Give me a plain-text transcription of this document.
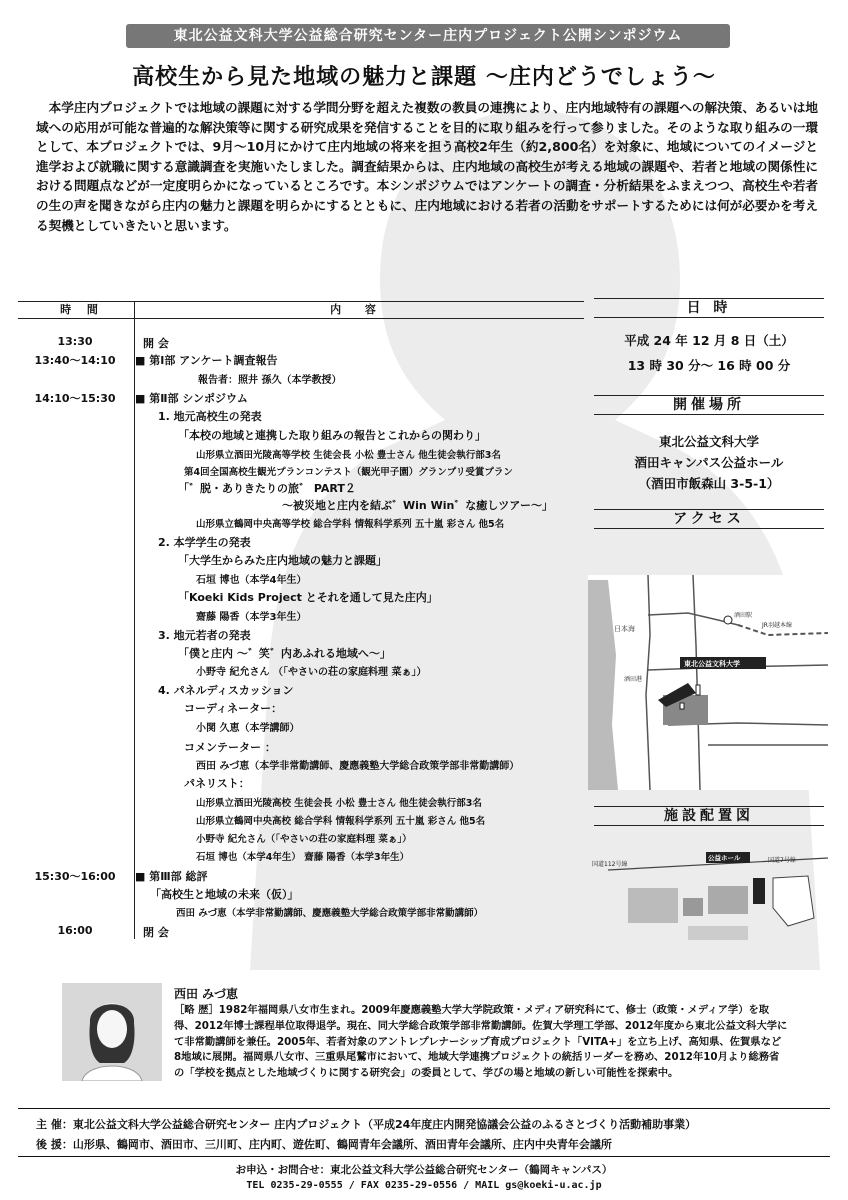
東北公益文科大学公益総合研究センター庄内プロジェクト公開シンポジウム
高校生から見た地域の魅力と課題 ～庄内どうでしょう～
本学庄内プロジェクトでは地域の課題に対する学問分野を超えた複数の教員の連携により、庄内地域特有の課題への解決策、あるいは地域への応用が可能な普遍的な解決策等に関する研究成果を発信することを目的に取り組みを行って参りました。そのような取り組みの一環として、本プロジェクトでは、9月～10月にかけて庄内地域の将来を担う高校2年生（約2,800名）を対象に、地域についてのイメージと進学および就職に関する意識調査を実施いたしました。調査結果からは、庄内地域の高校生が考える地域の課題や、若者と地域の関係性における問題点などが一定度明らかになっているところです。本シンポジウムではアンケートの調査・分析結果をふまえつつ、高校生や若者の生の声を聞きながら庄内の魅力と課題を明らかにするとともに、庄内地域における若者の活動をサポートするためには何が必要かを考える契機としていきたいと思います。
時 間	内 容
13:30	開 会
13:40～14:10	■ 第Ⅰ部 アンケート調査報告
報告者：照井 孫久（本学教授）
14:10～15:30	■ 第Ⅱ部 シンポジウム
1. 地元高校生の発表
「本校の地域と連携した取り組みの報告とこれからの関わり」
山形県立酒田光陵高等学校 生徒会長 小松 豊士さん 他生徒会執行部3名
第4回全国高校生観光プランコンテスト（観光甲子園）グランプリ受賞プラン
「゛脱・ありきたりの旅゛ PART２
～被災地と庄内を結ぶ゛Win Win゛な癒しツアー～」
山形県立鶴岡中央高等学校 総合学科 情報科学系列 五十嵐 彩さん 他5名
2. 本学学生の発表
「大学生からみた庄内地域の魅力と課題」
石垣 博也（本学4年生）
「Koeki Kids Project とそれを通して見た庄内」
齋藤 陽香（本学3年生）
3. 地元若者の発表
「僕と庄内 ～゛笑゛内あふれる地域へ～」
小野寺 紀允さん （「やさいの荘の家庭料理 菜ぁ」）
4. パネルディスカッション
コーディネーター：
小関 久恵（本学講師）
コメンテーター ：
西田 みづ恵（本学非常勤講師、慶應義塾大学総合政策学部非常勤講師）
パネリスト：
山形県立酒田光陵高校 生徒会長 小松 豊士さん 他生徒会執行部3名
山形県立鶴岡中央高校 総合学科 情報科学系列 五十嵐 彩さん 他5名
小野寺 紀允さん（「やさいの荘の家庭料理 菜ぁ」）
石垣 博也（本学4年生） 齋藤 陽香（本学3年生）
15:30～16:00	■ 第Ⅲ部 総評
「高校生と地域の未来（仮）」
西田 みづ恵（本学非常勤講師、慶應義塾大学総合政策学部非常勤講師）
16:00	閉 会
日 時
平成 24 年 12 月 8 日（土）
13 時 30 分～ 16 時 00 分
開催場所
東北公益文科大学
酒田キャンパス公益ホール
（酒田市飯森山 3-5-1）
アクセス
日本海	JR羽越本線
酒田駅
酒田港
東北公益文科大学
施設配置図
国道112号線
国道7号線
公益ホール
西田 みづ恵
［略 歴］1982年福岡県八女市生まれ。2009年慶應義塾大学大学院政策・メディア研究科にて、修士（政策・メディア学）を取得、2012年博士課程単位取得退学。現在、同大学総合政策学部非常勤講師。佐賀大学理工学部、2012年度から東北公益文科大学にて非常勤講師を兼任。2005年、若者対象のアントレプレナーシップ育成プロジェクト「VITA+」を立ち上げ、高知県、佐賀県など8地域に展開。福岡県八女市、三重県尾鷲市において、地域大学連携プロジェクトの統括リーダーを務め、2012年10月より総務省の「学校を拠点とした地域づくりに関する研究会」の委員として、学びの場と地域の新しい可能性を探索中。
主 催：東北公益文科大学公益総合研究センター 庄内プロジェクト（平成24年度庄内開発協議会公益のふるさとづくり活動補助事業）
後 援：山形県、鶴岡市、酒田市、三川町、庄内町、遊佐町、鶴岡青年会議所、酒田青年会議所、庄内中央青年会議所
お申込・お問合せ：東北公益文科大学公益総合研究センター（鶴岡キャンパス）
TEL 0235-29-0555 / FAX 0235-29-0556 / MAIL gs@koeki-u.ac.jp
